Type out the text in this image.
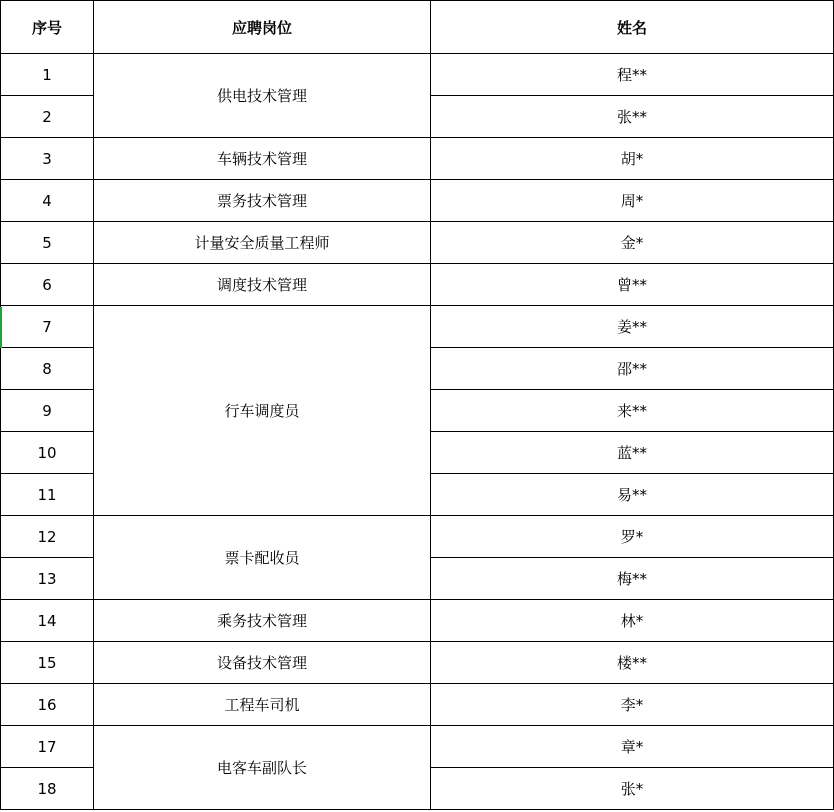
序号	应聘岗位	姓名
1	供电技术管理	程**
2		张**
3	车辆技术管理	胡*
4	票务技术管理	周*
5	计量安全质量工程师	金*
6	调度技术管理	曾**
7	行车调度员	姜**
8		邵**
9		来**
10		蓝**
11		易**
12	票卡配收员	罗*
13		梅**
14	乘务技术管理	林*
15	设备技术管理	楼**
16	工程车司机	李*
17	电客车副队长	章*
18		张*
